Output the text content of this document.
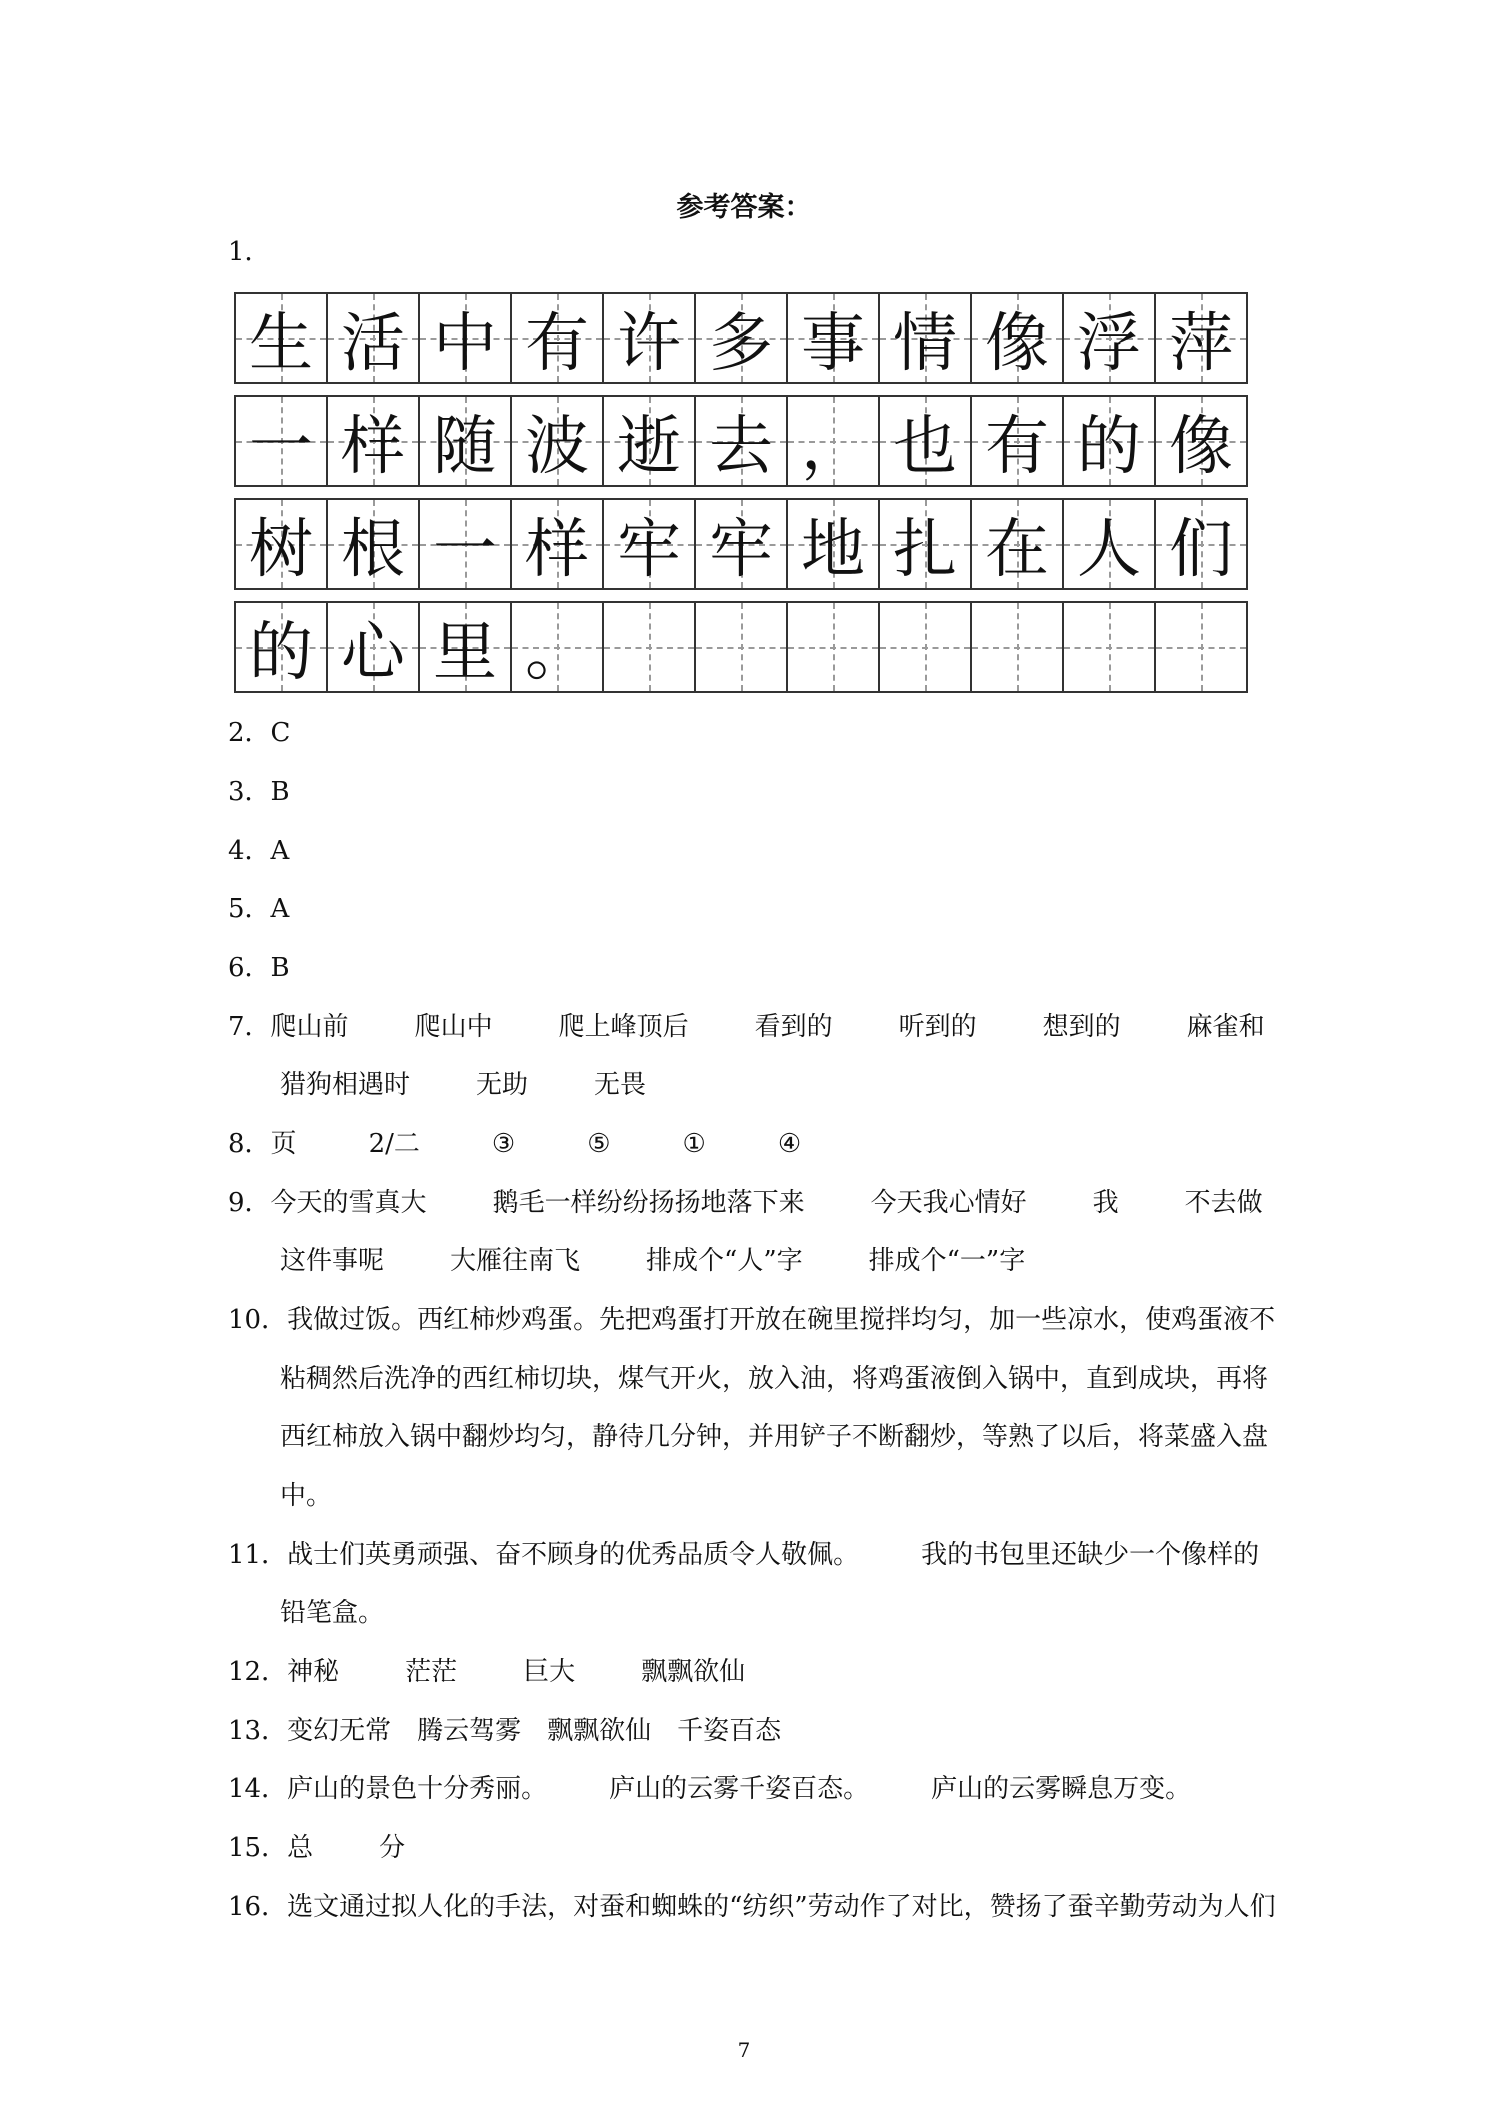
参考答案：
1．
生 活 中 有 许 多 事 情 像 浮 萍
一 样 随 波 逝 去 ， 也 有 的 像
树 根 一 样 牢 牢 地 扎 在 人 们
的 心 里 。
2．C
3．B
4．A
5．A
6．B
7．爬山前	爬山中	爬上峰顶后	看到的	听到的	想到的	麻雀和
猎狗相遇时	无助	无畏
8．页	2/二	③	⑤	①	④
9．今天的雪真大	鹅毛一样纷纷扬扬地落下来	今天我心情好	我	不去做
这件事呢	大雁往南飞	排成个“人”字	排成个“一”字
10．我做过饭。西红柿炒鸡蛋。先把鸡蛋打开放在碗里搅拌均匀，加一些凉水，使鸡蛋液不
粘稠然后洗净的西红柿切块，煤气开火，放入油，将鸡蛋液倒入锅中，直到成块，再将
西红柿放入锅中翻炒均匀，静待几分钟，并用铲子不断翻炒，等熟了以后，将菜盛入盘
中。
11．战士们英勇顽强、奋不顾身的优秀品质令人敬佩。 我的书包里还缺少一个像样的
铅笔盒。
12．神秘	茫茫	巨大	飘飘欲仙
13．变幻无常 腾云驾雾 飘飘欲仙 千姿百态
14．庐山的景色十分秀丽。 庐山的云雾千姿百态。 庐山的云雾瞬息万变。
15．总	分
16．选文通过拟人化的手法，对蚕和蜘蛛的“纺织”劳动作了对比，赞扬了蚕辛勤劳动为人们
7
